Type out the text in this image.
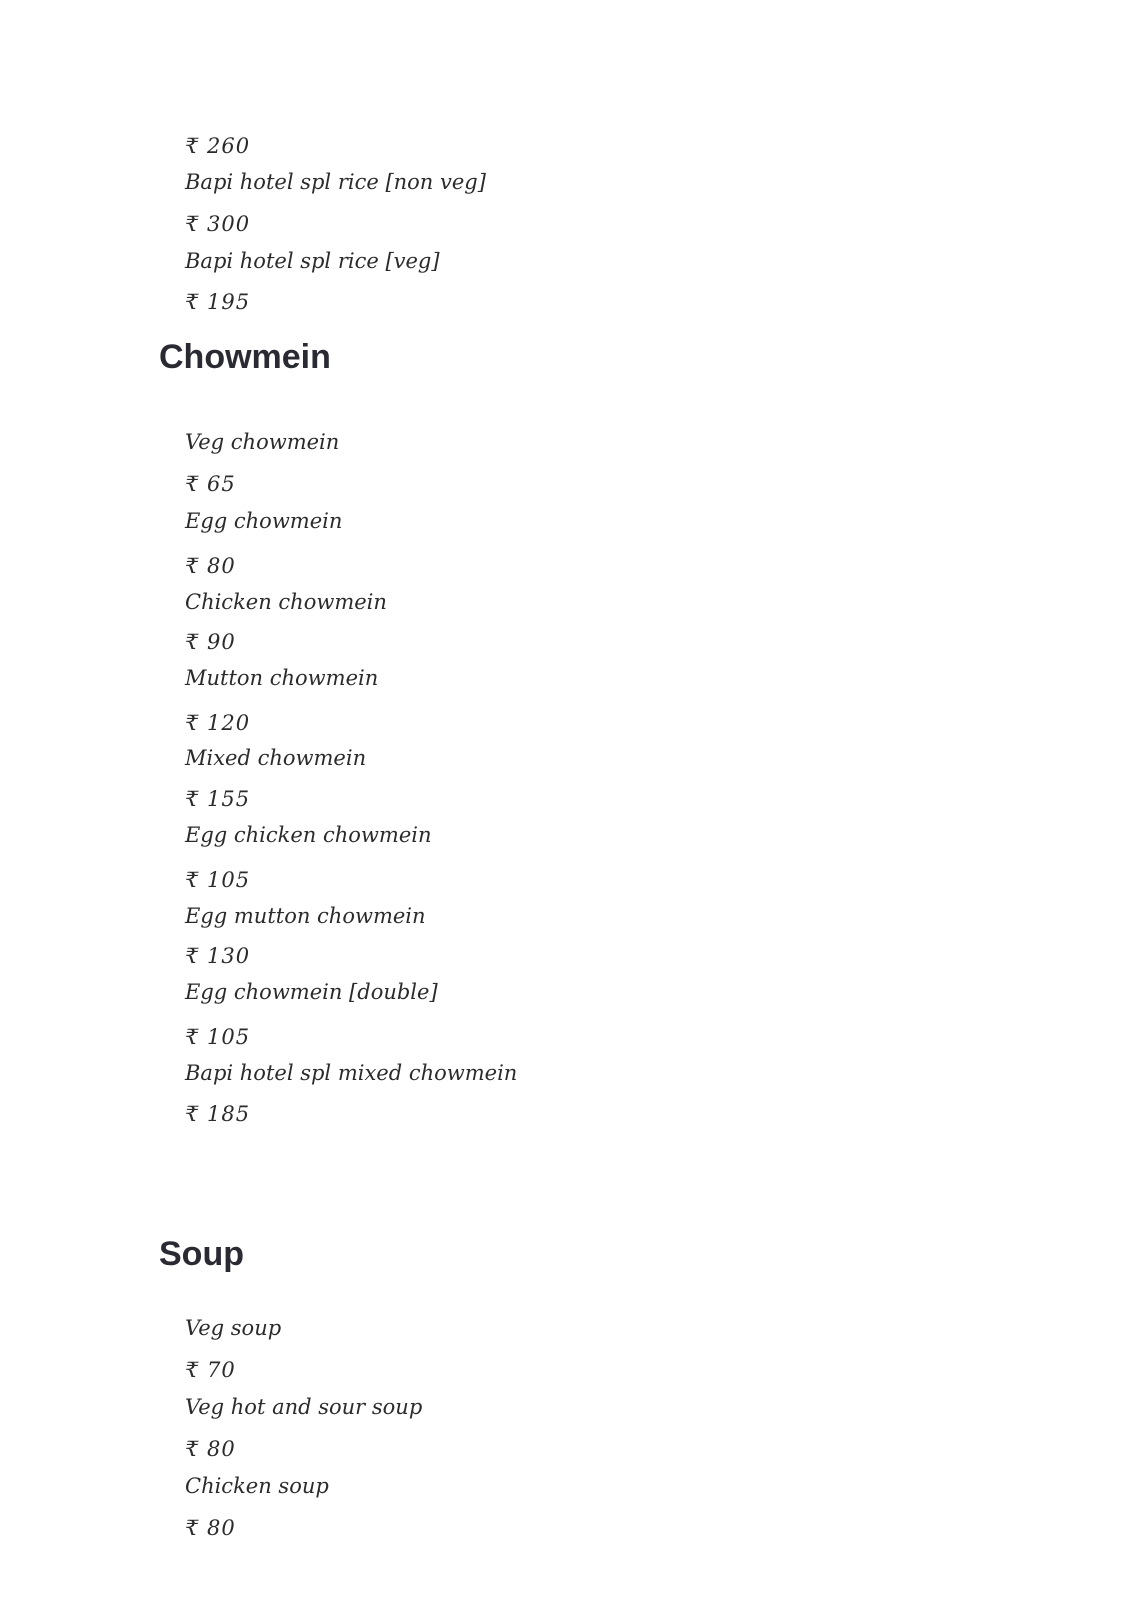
₹ 260
Bapi hotel spl rice [non veg]
₹ 300
Bapi hotel spl rice [veg]
₹ 195
Chowmein
Veg chowmein
₹ 65
Egg chowmein
₹ 80
Chicken chowmein
₹ 90
Mutton chowmein
₹ 120
Mixed chowmein
₹ 155
Egg chicken chowmein
₹ 105
Egg mutton chowmein
₹ 130
Egg chowmein [double]
₹ 105
Bapi hotel spl mixed chowmein
₹ 185
Soup
Veg soup
₹ 70
Veg hot and sour soup
₹ 80
Chicken soup
₹ 80
